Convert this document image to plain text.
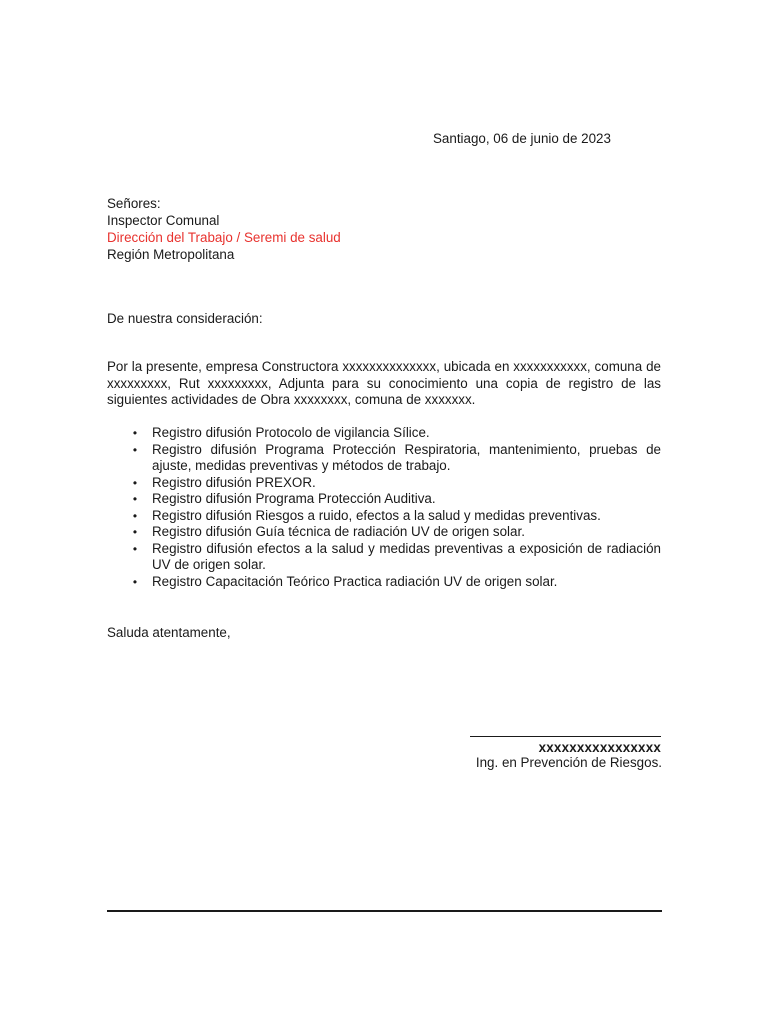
Santiago, 06 de junio de 2023
Señores:
Inspector Comunal
Dirección del Trabajo / Seremi de salud
Región Metropolitana
De nuestra consideración:
Por la presente, empresa Constructora xxxxxxxxxxxxxx, ubicada en xxxxxxxxxxx, comuna de xxxxxxxxx, Rut xxxxxxxxx, Adjunta para su conocimiento una copia de registro de las siguientes actividades de Obra xxxxxxxx, comuna de xxxxxxx.
• Registro difusión Protocolo de vigilancia Sílice.
• Registro difusión Programa Protección Respiratoria, mantenimiento, pruebas de ajuste, medidas preventivas y métodos de trabajo.
• Registro difusión PREXOR.
• Registro difusión Programa Protección Auditiva.
• Registro difusión Riesgos a ruido, efectos a la salud y medidas preventivas.
• Registro difusión Guía técnica de radiación UV de origen solar.
• Registro difusión efectos a la salud y medidas preventivas a exposición de radiación UV de origen solar.
• Registro Capacitación Teórico Practica radiación UV de origen solar.
Saluda atentamente,
xxxxxxxxxxxxxxxx
Ing. en Prevención de Riesgos.
